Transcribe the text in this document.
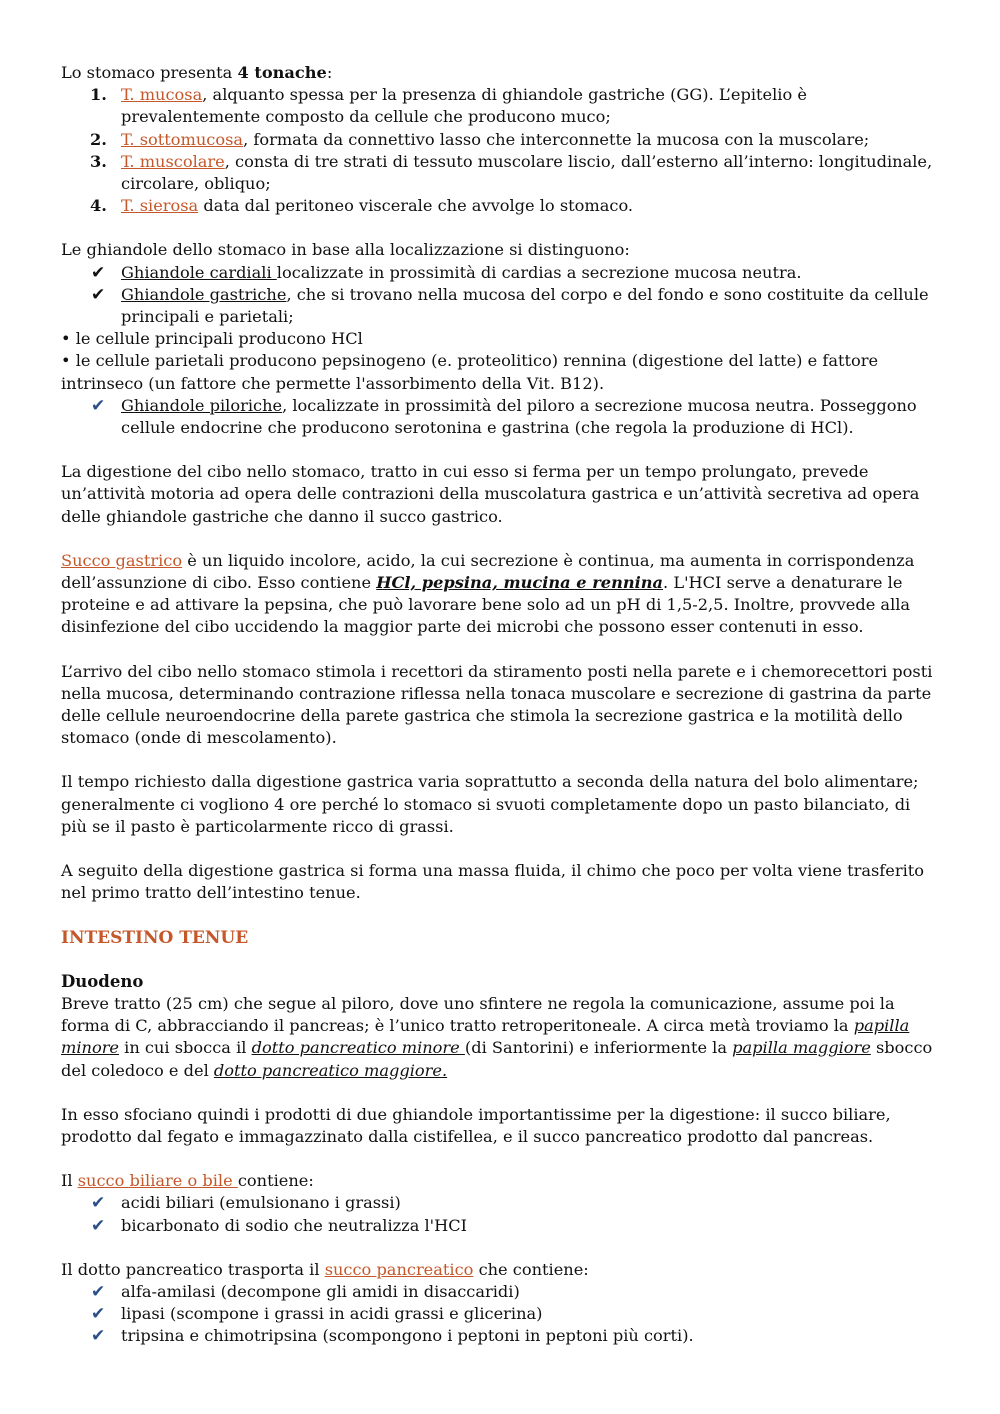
Lo stomaco presenta 4 tonache:

1. T. mucosa, alquanto spessa per la presenza di ghiandole gastriche (GG). L’epitelio è prevalentemente composto da cellule che producono muco;
2. T. sottomucosa, formata da connettivo lasso che interconnette la mucosa con la muscolare;
3. T. muscolare, consta di tre strati di tessuto muscolare liscio, dall’esterno all’interno: longitudinale, circolare, obliquo;
4. T. sierosa data dal peritoneo viscerale che avvolge lo stomaco.

Le ghiandole dello stomaco in base alla localizzazione si distinguono:

✔ Ghiandole cardiali localizzate in prossimità di cardias a secrezione mucosa neutra.
✔ Ghiandole gastriche, che si trovano nella mucosa del corpo e del fondo e sono costituite da cellule principali e parietali;

• le cellule principali producono HCl

• le cellule parietali producono pepsinogeno (e. proteolitico) rennina (digestione del latte) e fattore intrinseco (un fattore che permette l'assorbimento della Vit. B12).

✔ Ghiandole piloriche, localizzate in prossimità del piloro a secrezione mucosa neutra. Posseggono cellule endocrine che producono serotonina e gastrina (che regola la produzione di HCl).

La digestione del cibo nello stomaco, tratto in cui esso si ferma per un tempo prolungato, prevede un’attività motoria ad opera delle contrazioni della muscolatura gastrica e un’attività secretiva ad opera delle ghiandole gastriche che danno il succo gastrico.

Succo gastrico è un liquido incolore, acido, la cui secrezione è continua, ma aumenta in corrispondenza dell’assunzione di cibo. Esso contiene HCl, pepsina, mucina e rennina. L'HCI serve a denaturare le proteine e ad attivare la pepsina, che può lavorare bene solo ad un pH di 1,5-2,5. Inoltre, provvede alla disinfezione del cibo uccidendo la maggior parte dei microbi che possono esser contenuti in esso.

L’arrivo del cibo nello stomaco stimola i recettori da stiramento posti nella parete e i chemorecettori posti nella mucosa, determinando contrazione riflessa nella tonaca muscolare e secrezione di gastrina da parte delle cellule neuroendocrine della parete gastrica che stimola la secrezione gastrica e la motilità dello stomaco (onde di mescolamento).

Il tempo richiesto dalla digestione gastrica varia soprattutto a seconda della natura del bolo alimentare; generalmente ci vogliono 4 ore perché lo stomaco si svuoti completamente dopo un pasto bilanciato, di più se il pasto è particolarmente ricco di grassi.

A seguito della digestione gastrica si forma una massa fluida, il chimo che poco per volta viene trasferito nel primo tratto dell’intestino tenue.

INTESTINO TENUE
Duodeno

Breve tratto (25 cm) che segue al piloro, dove uno sfintere ne regola la comunicazione, assume poi la forma di C, abbracciando il pancreas; è l’unico tratto retroperitoneale. A circa metà troviamo la papilla minore in cui sbocca il dotto pancreatico minore (di Santorini) e inferiormente la papilla maggiore sbocco del coledoco e del dotto pancreatico maggiore.

In esso sfociano quindi i prodotti di due ghiandole importantissime per la digestione: il succo biliare, prodotto dal fegato e immagazzinato dalla cistifellea, e il succo pancreatico prodotto dal pancreas.

Il succo biliare o bile contiene:

✔ acidi biliari (emulsionano i grassi)
✔ bicarbonato di sodio che neutralizza l'HCI

Il dotto pancreatico trasporta il succo pancreatico che contiene:

✔ alfa-amilasi (decompone gli amidi in disaccaridi)
✔ lipasi (scompone i grassi in acidi grassi e glicerina)
✔ tripsina e chimotripsina (scompongono i peptoni in peptoni più corti).
